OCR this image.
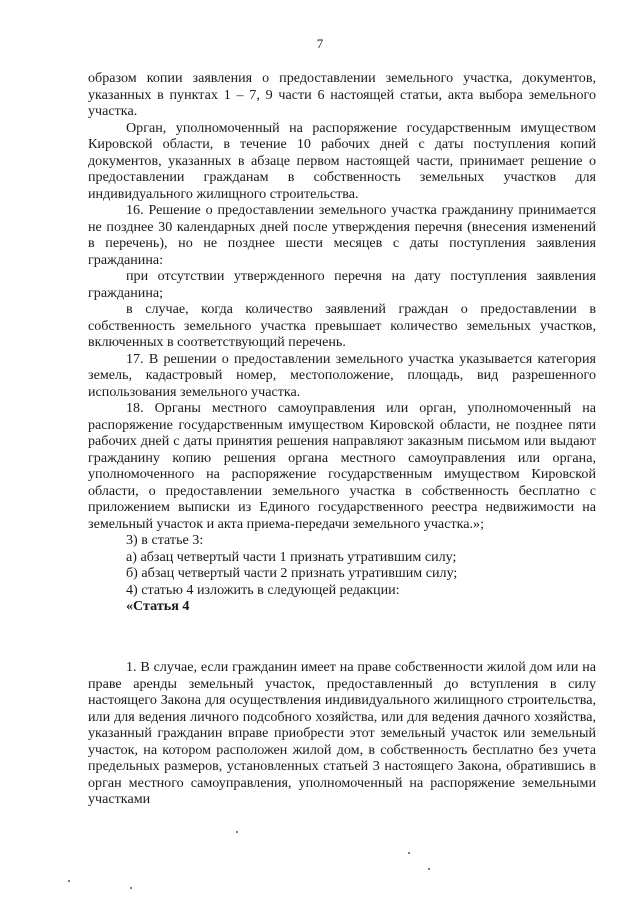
7

образом копии заявления о предоставлении земельного участка, документов, указанных в пунктах 1 – 7, 9 части 6 настоящей статьи, акта выбора земельного участка.

Орган, уполномоченный на распоряжение государственным имуществом Кировской области, в течение 10 рабочих дней с даты поступления копий документов, указанных в абзаце первом настоящей части, принимает решение о предоставлении гражданам в собственность земельных участков для индивидуального жилищного строительства.

16. Решение о предоставлении земельного участка гражданину принимается не позднее 30 календарных дней после утверждения перечня (внесения изменений в перечень), но не позднее шести месяцев с даты поступления заявления гражданина:

при отсутствии утвержденного перечня на дату поступления заявления гражданина;

в случае, когда количество заявлений граждан о предоставлении в собственность земельного участка превышает количество земельных участков, включенных в соответствующий перечень.

17. В решении о предоставлении земельного участка указывается категория земель, кадастровый номер, местоположение, площадь, вид разрешенного использования земельного участка.

18. Органы местного самоуправления или орган, уполномоченный на распоряжение государственным имуществом Кировской области, не позднее пяти рабочих дней с даты принятия решения направляют заказным письмом или выдают гражданину копию решения органа местного самоуправления или органа, уполномоченного на распоряжение государственным имуществом Кировской области, о предоставлении земельного участка в собственность бесплатно с приложением выписки из Единого государственного реестра недвижимости на земельный участок и акта приема-передачи земельного участка.»;

3) в статье 3:

а) абзац четвертый части 1 признать утратившим силу;

б) абзац четвертый части 2 признать утратившим силу;

4) статью 4 изложить в следующей редакции:

«Статья 4

1. В случае, если гражданин имеет на праве собственности жилой дом или на праве аренды земельный участок, предоставленный до вступления в силу настоящего Закона для осуществления индивидуального жилищного строительства, или для ведения личного подсобного хозяйства, или для ведения дачного хозяйства, указанный гражданин вправе приобрести этот земельный участок или земельный участок, на котором расположен жилой дом, в собственность бесплатно без учета предельных размеров, установленных статьей 3 настоящего Закона, обратившись в орган местного самоуправления, уполномоченный на распоряжение земельными участками
